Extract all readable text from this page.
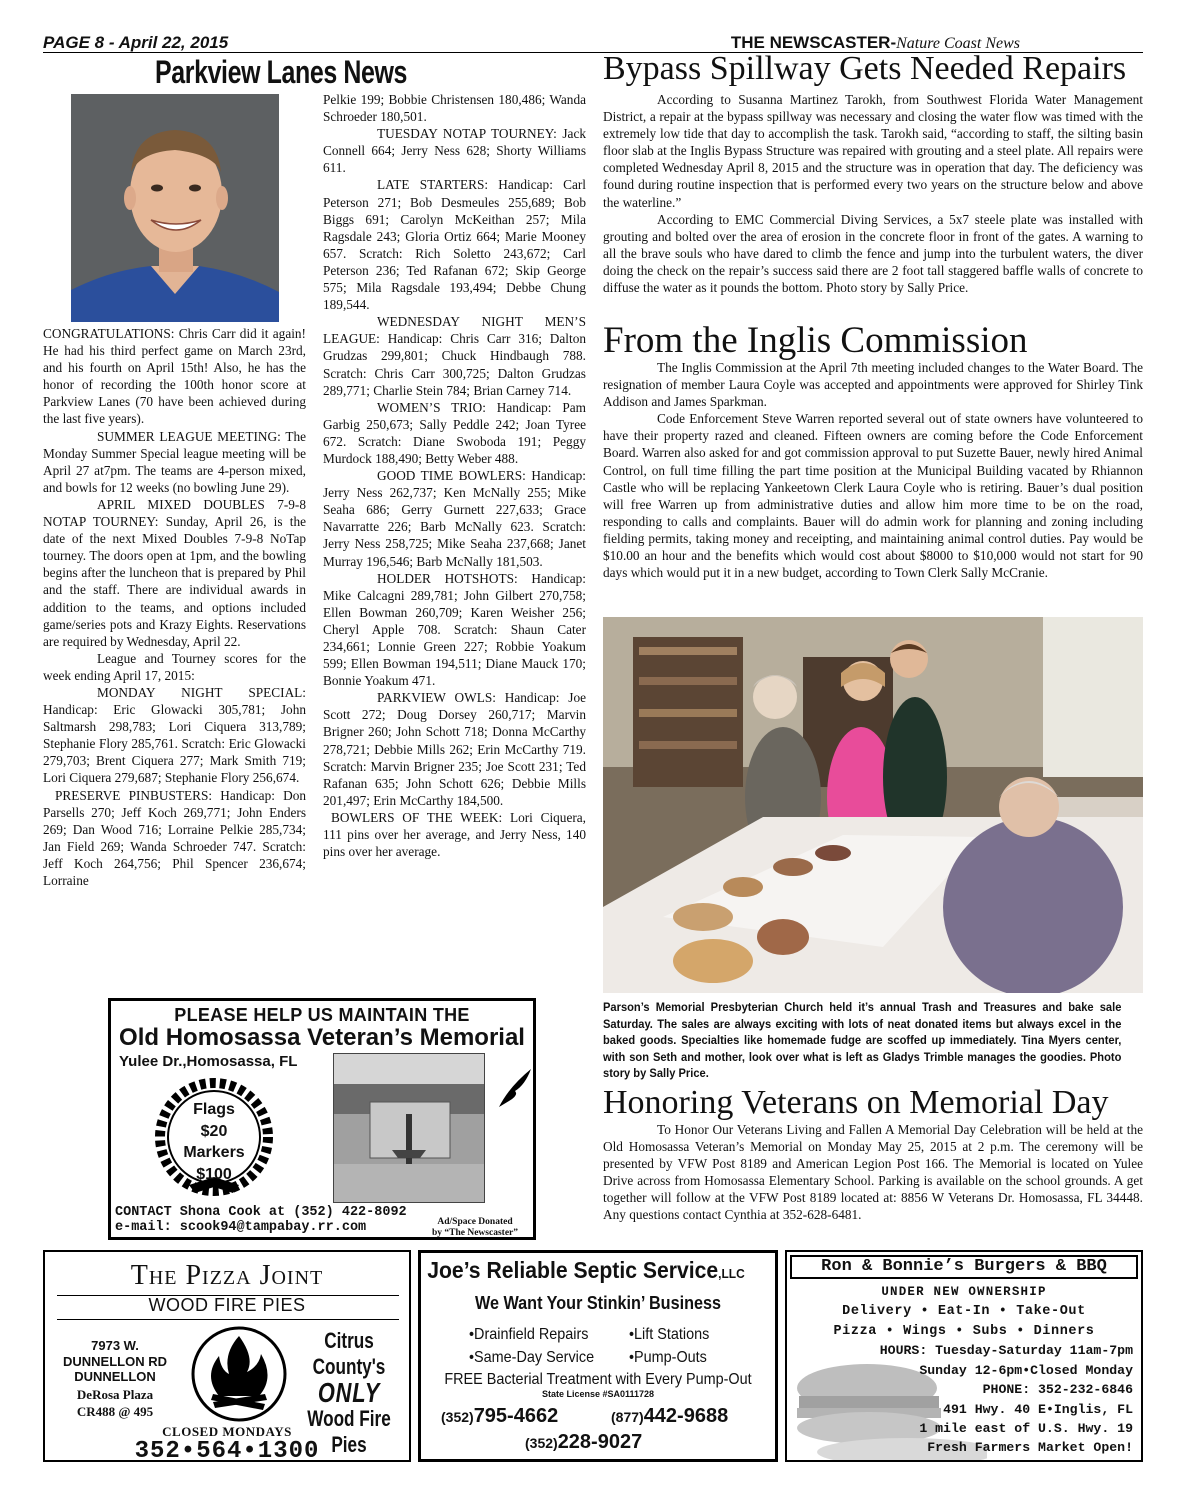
PAGE 8 - April 22, 2015	THE NEWSCASTER-Nature Coast News
Parkview Lanes News

CONGRATULATIONS: Chris Carr did it again! He had his third perfect game on March 23rd, and his fourth on April 15th! Also, he has the honor of recording the 100th honor score at Parkview Lanes (70 have been achieved during the last five years).

SUMMER LEAGUE MEETING: The Monday Summer Special league meeting will be April 27 at7pm. The teams are 4-person mixed, and bowls for 12 weeks (no bowling June 29).

APRIL MIXED DOUBLES 7-9-8 NOTAP TOURNEY: Sunday, April 26, is the date of the next Mixed Doubles 7-9-8 NoTap tourney. The doors open at 1pm, and the bowling begins after the luncheon that is prepared by Phil and the staff. There are individual awards in addition to the teams, and options included game/series pots and Krazy Eights. Reservations are required by Wednesday, April 22.

League and Tourney scores for the week ending April 17, 2015:

MONDAY NIGHT SPECIAL: Handicap: Eric Glowacki 305,781; John Saltmarsh 298,783; Lori Ciquera 313,789; Stephanie Flory 285,761. Scratch: Eric Glowacki 279,703; Brent Ciquera 277; Mark Smith 719; Lori Ciquera 279,687; Stephanie Flory 256,674.

PRESERVE PINBUSTERS: Handicap: Don Parsells 270; Jeff Koch 269,771; John Enders 269; Dan Wood 716; Lorraine Pelkie 285,734; Jan Field 269; Wanda Schroeder 747. Scratch: Jeff Koch 264,756; Phil Spencer 236,674; Lorraine

Pelkie 199; Bobbie Christensen 180,486; Wanda Schroeder 180,501.

TUESDAY NOTAP TOURNEY: Jack Connell 664; Jerry Ness 628; Shorty Williams 611.

LATE STARTERS: Handicap: Carl Peterson 271; Bob Desmeules 255,689; Bob Biggs 691; Carolyn McKeithan 257; Mila Ragsdale 243; Gloria Ortiz 664; Marie Mooney 657. Scratch: Rich Soletto 243,672; Carl Peterson 236; Ted Rafanan 672; Skip George 575; Mila Ragsdale 193,494; Debbe Chung 189,544.

WEDNESDAY NIGHT MEN’S LEAGUE: Handicap: Chris Carr 316; Dalton Grudzas 299,801; Chuck Hindbaugh 788. Scratch: Chris Carr 300,725; Dalton Grudzas 289,771; Charlie Stein 784; Brian Carney 714.

WOMEN’S TRIO: Handicap: Pam Garbig 250,673; Sally Peddle 242; Joan Tyree 672. Scratch: Diane Swoboda 191; Peggy Murdock 188,490; Betty Weber 488.

GOOD TIME BOWLERS: Handicap: Jerry Ness 262,737; Ken McNally 255; Mike Seaha 686; Gerry Gurnett 227,633; Grace Navarratte 226; Barb McNally 623. Scratch: Jerry Ness 258,725; Mike Seaha 237,668; Janet Murray 196,546; Barb McNally 181,503.

HOLDER HOTSHOTS: Handicap: Mike Calcagni 289,781; John Gilbert 270,758; Ellen Bowman 260,709; Karen Weisher 256; Cheryl Apple 708. Scratch: Shaun Cater 234,661; Lonnie Green 227; Robbie Yoakum 599; Ellen Bowman 194,511; Diane Mauck 170; Bonnie Yoakum 471.

PARKVIEW OWLS: Handicap: Joe Scott 272; Doug Dorsey 260,717; Marvin Brigner 260; John Schott 718; Donna McCarthy 278,721; Debbie Mills 262; Erin McCarthy 719. Scratch: Marvin Brigner 235; Joe Scott 231; Ted Rafanan 635; John Schott 626; Debbie Mills 201,497; Erin McCarthy 184,500.

BOWLERS OF THE WEEK: Lori Ciquera, 111 pins over her average, and Jerry Ness, 140 pins over her average.

Bypass Spillway Gets Needed Repairs

According to Susanna Martinez Tarokh, from Southwest Florida Water Management District, a repair at the bypass spillway was necessary and closing the water flow was timed with the extremely low tide that day to accomplish the task. Tarokh said, “according to staff, the silting basin floor slab at the Inglis Bypass Structure was repaired with grouting and a steel plate. All repairs were completed Wednesday April 8, 2015 and the structure was in operation that day. The deficiency was found during routine inspection that is performed every two years on the structure below and above the waterline.”

According to EMC Commercial Diving Services, a 5x7 steele plate was installed with grouting and bolted over the area of erosion in the concrete floor in front of the gates. A warning to all the brave souls who have dared to climb the fence and jump into the turbulent waters, the diver doing the check on the repair’s success said there are 2 foot tall staggered baffle walls of concrete to diffuse the water as it pounds the bottom. Photo story by Sally Price.

From the Inglis Commission

The Inglis Commission at the April 7th meeting included changes to the Water Board. The resignation of member Laura Coyle was accepted and appointments were approved for Shirley Tink Addison and James Sparkman.

Code Enforcement Steve Warren reported several out of state owners have volunteered to have their property razed and cleaned. Fifteen owners are coming before the Code Enforcement Board. Warren also asked for and got commission approval to put Suzette Bauer, newly hired Animal Control, on full time filling the part time position at the Municipal Building vacated by Rhiannon Castle who will be replacing Yankeetown Clerk Laura Coyle who is retiring. Bauer’s dual position will free Warren up from administrative duties and allow him more time to be on the road, responding to calls and complaints. Bauer will do admin work for planning and zoning including fielding permits, taking money and receipting, and maintaining animal control duties. Pay would be $10.00 an hour and the benefits which would cost about $8000 to $10,000 would not start for 90 days which would put it in a new budget, according to Town Clerk Sally McCranie.

Parson’s Memorial Presbyterian Church held it’s annual Trash and Treasures and bake sale Saturday. The sales are always exciting with lots of neat donated items but always excel in the baked goods. Specialties like homemade fudge are scoffed up immediately. Tina Myers center, with son Seth and mother, look over what is left as Gladys Trimble manages the goodies. Photo story by Sally Price.
Honoring Veterans on Memorial Day

To Honor Our Veterans Living and Fallen A Memorial Day Celebration will be held at the Old Homosassa Veteran’s Memorial on Monday May 25, 2015 at 2 p.m. The ceremony will be presented by VFW Post 8189 and American Legion Post 166. The Memorial is located on Yulee Drive across from Homosassa Elementary School. Parking is available on the school grounds. A get together will follow at the VFW Post 8189 located at: 8856 W Veterans Dr. Homosassa, FL 34448. Any questions contact Cynthia at 352-628-6481.

PLEASE HELP US MAINTAIN THE
Old Homosassa Veteran’s Memorial
Yulee Dr.,Homosassa, FL
Flags
$20
Markers
$100
CONTACT Shona Cook at (352) 422-8092
e-mail: scook94@tampabay.rr.com	Ad/Space Donated
by “The Newscaster”
The Pizza Joint
WOOD FIRE PIES
7973 W.
DUNNELLON RD
DUNNELLON
DeRosa Plaza
CR488 @ 495
Citrus County's
ONLY
Wood Fire Pies
CLOSED MONDAYS
352•564•1300
Joe’s Reliable Septic Service,LLC
We Want Your Stinkin’ Business
•Drainfield Repairs	•Lift Stations
•Same-Day Service •Pump-Outs
FREE Bacterial Treatment with Every Pump-Out
State License #SA0111728
(352)795-4662	(877)442-9688
(352)228-9027
Ron & Bonnie’s Burgers & BBQ
UNDER NEW OWNERSHIP
Delivery • Eat-In • Take-Out
Pizza • Wings • Subs • Dinners
HOURS: Tuesday-Saturday 11am-7pm
Sunday 12-6pm•Closed Monday
PHONE: 352-232-6846
491 Hwy. 40 E•Inglis, FL
1 mile east of U.S. Hwy. 19
Fresh Farmers Market Open!
